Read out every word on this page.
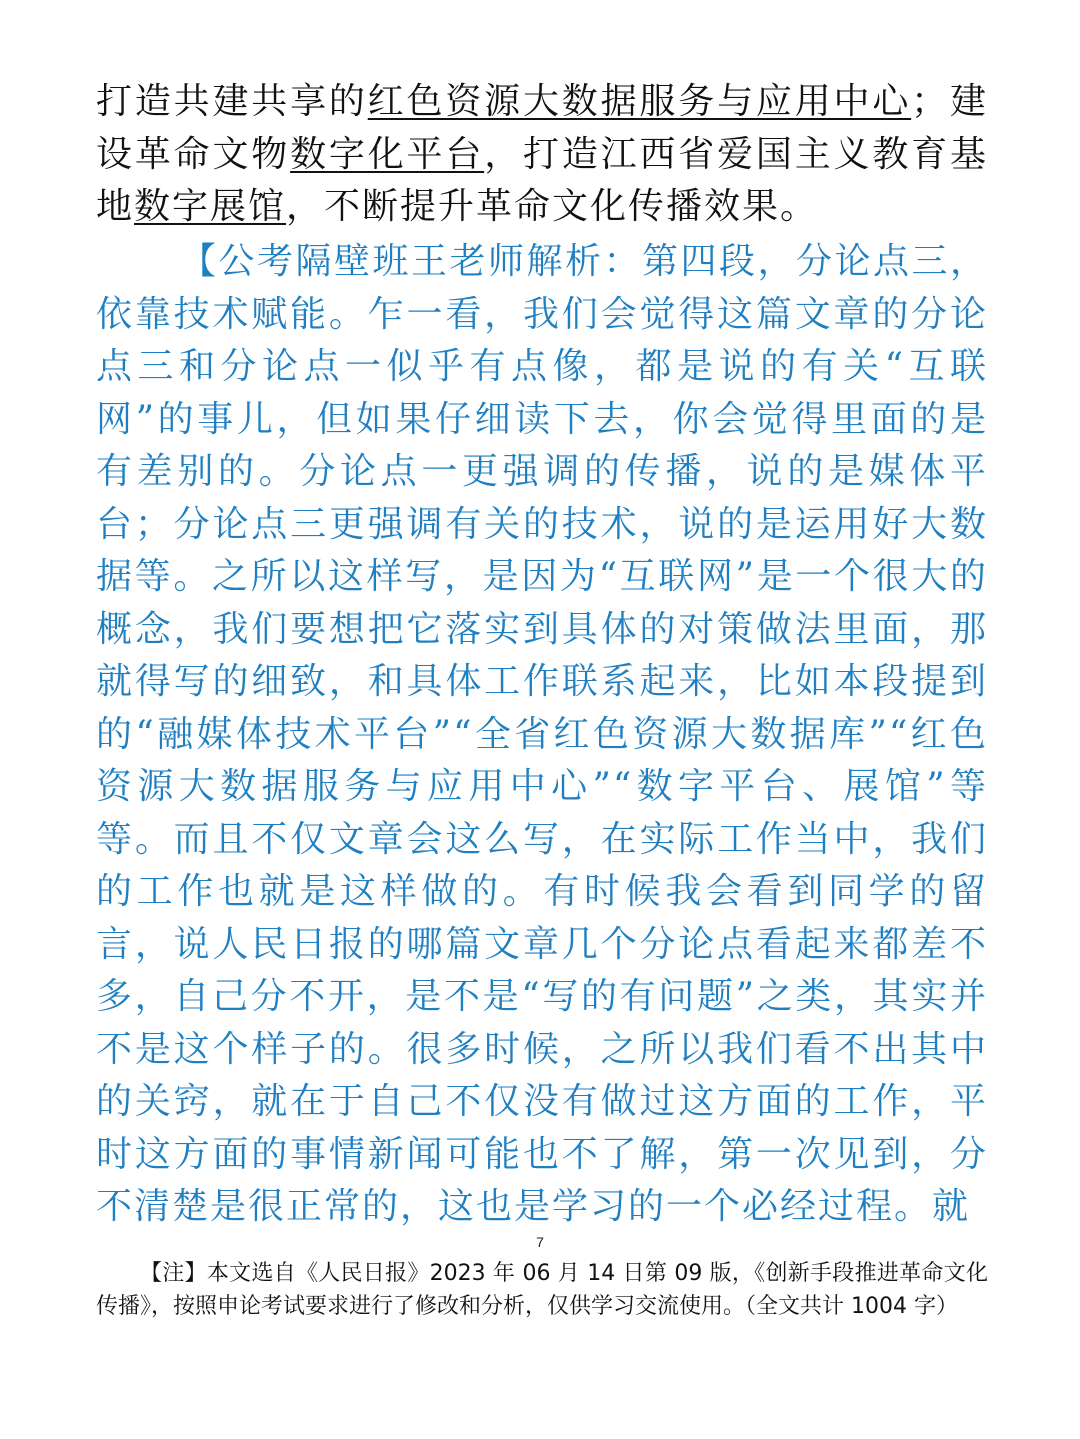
打造共建共享的红色资源大数据服务与应用中心；建设革命文物数字化平台，打造江西省爱国主义教育基地数字展馆，不断提升革命文化传播效果。

【公考隔壁班王老师解析：第四段，分论点三，依靠技术赋能。乍一看，我们会觉得这篇文章的分论点三和分论点一似乎有点像，都是说的有关“互联网”的事儿，但如果仔细读下去，你会觉得里面的是有差别的。分论点一更强调的传播，说的是媒体平台；分论点三更强调有关的技术，说的是运用好大数据等。之所以这样写，是因为“互联网”是一个很大的概念，我们要想把它落实到具体的对策做法里面，那就得写的细致，和具体工作联系起来，比如本段提到的“融媒体技术平台”“全省红色资源大数据库”“红色资源大数据服务与应用中心”“数字平台、展馆”等等。而且不仅文章会这么写，在实际工作当中，我们的工作也就是这样做的。有时候我会看到同学的留言，说人民日报的哪篇文章几个分论点看起来都差不多，自己分不开，是不是“写的有问题”之类，其实并不是这个样子的。很多时候，之所以我们看不出其中的关窍，就在于自己不仅没有做过这方面的工作，平时这方面的事情新闻可能也不了解，第一次见到，分不清楚是很正常的，这也是学习的一个必经过程。就

7

【注】本文选自《人民日报》2023 年 06 月 14 日第 09 版，《创新手段推进革命文化传播》，按照申论考试要求进行了修改和分析，仅供学习交流使用。（全文共计 1004 字）
